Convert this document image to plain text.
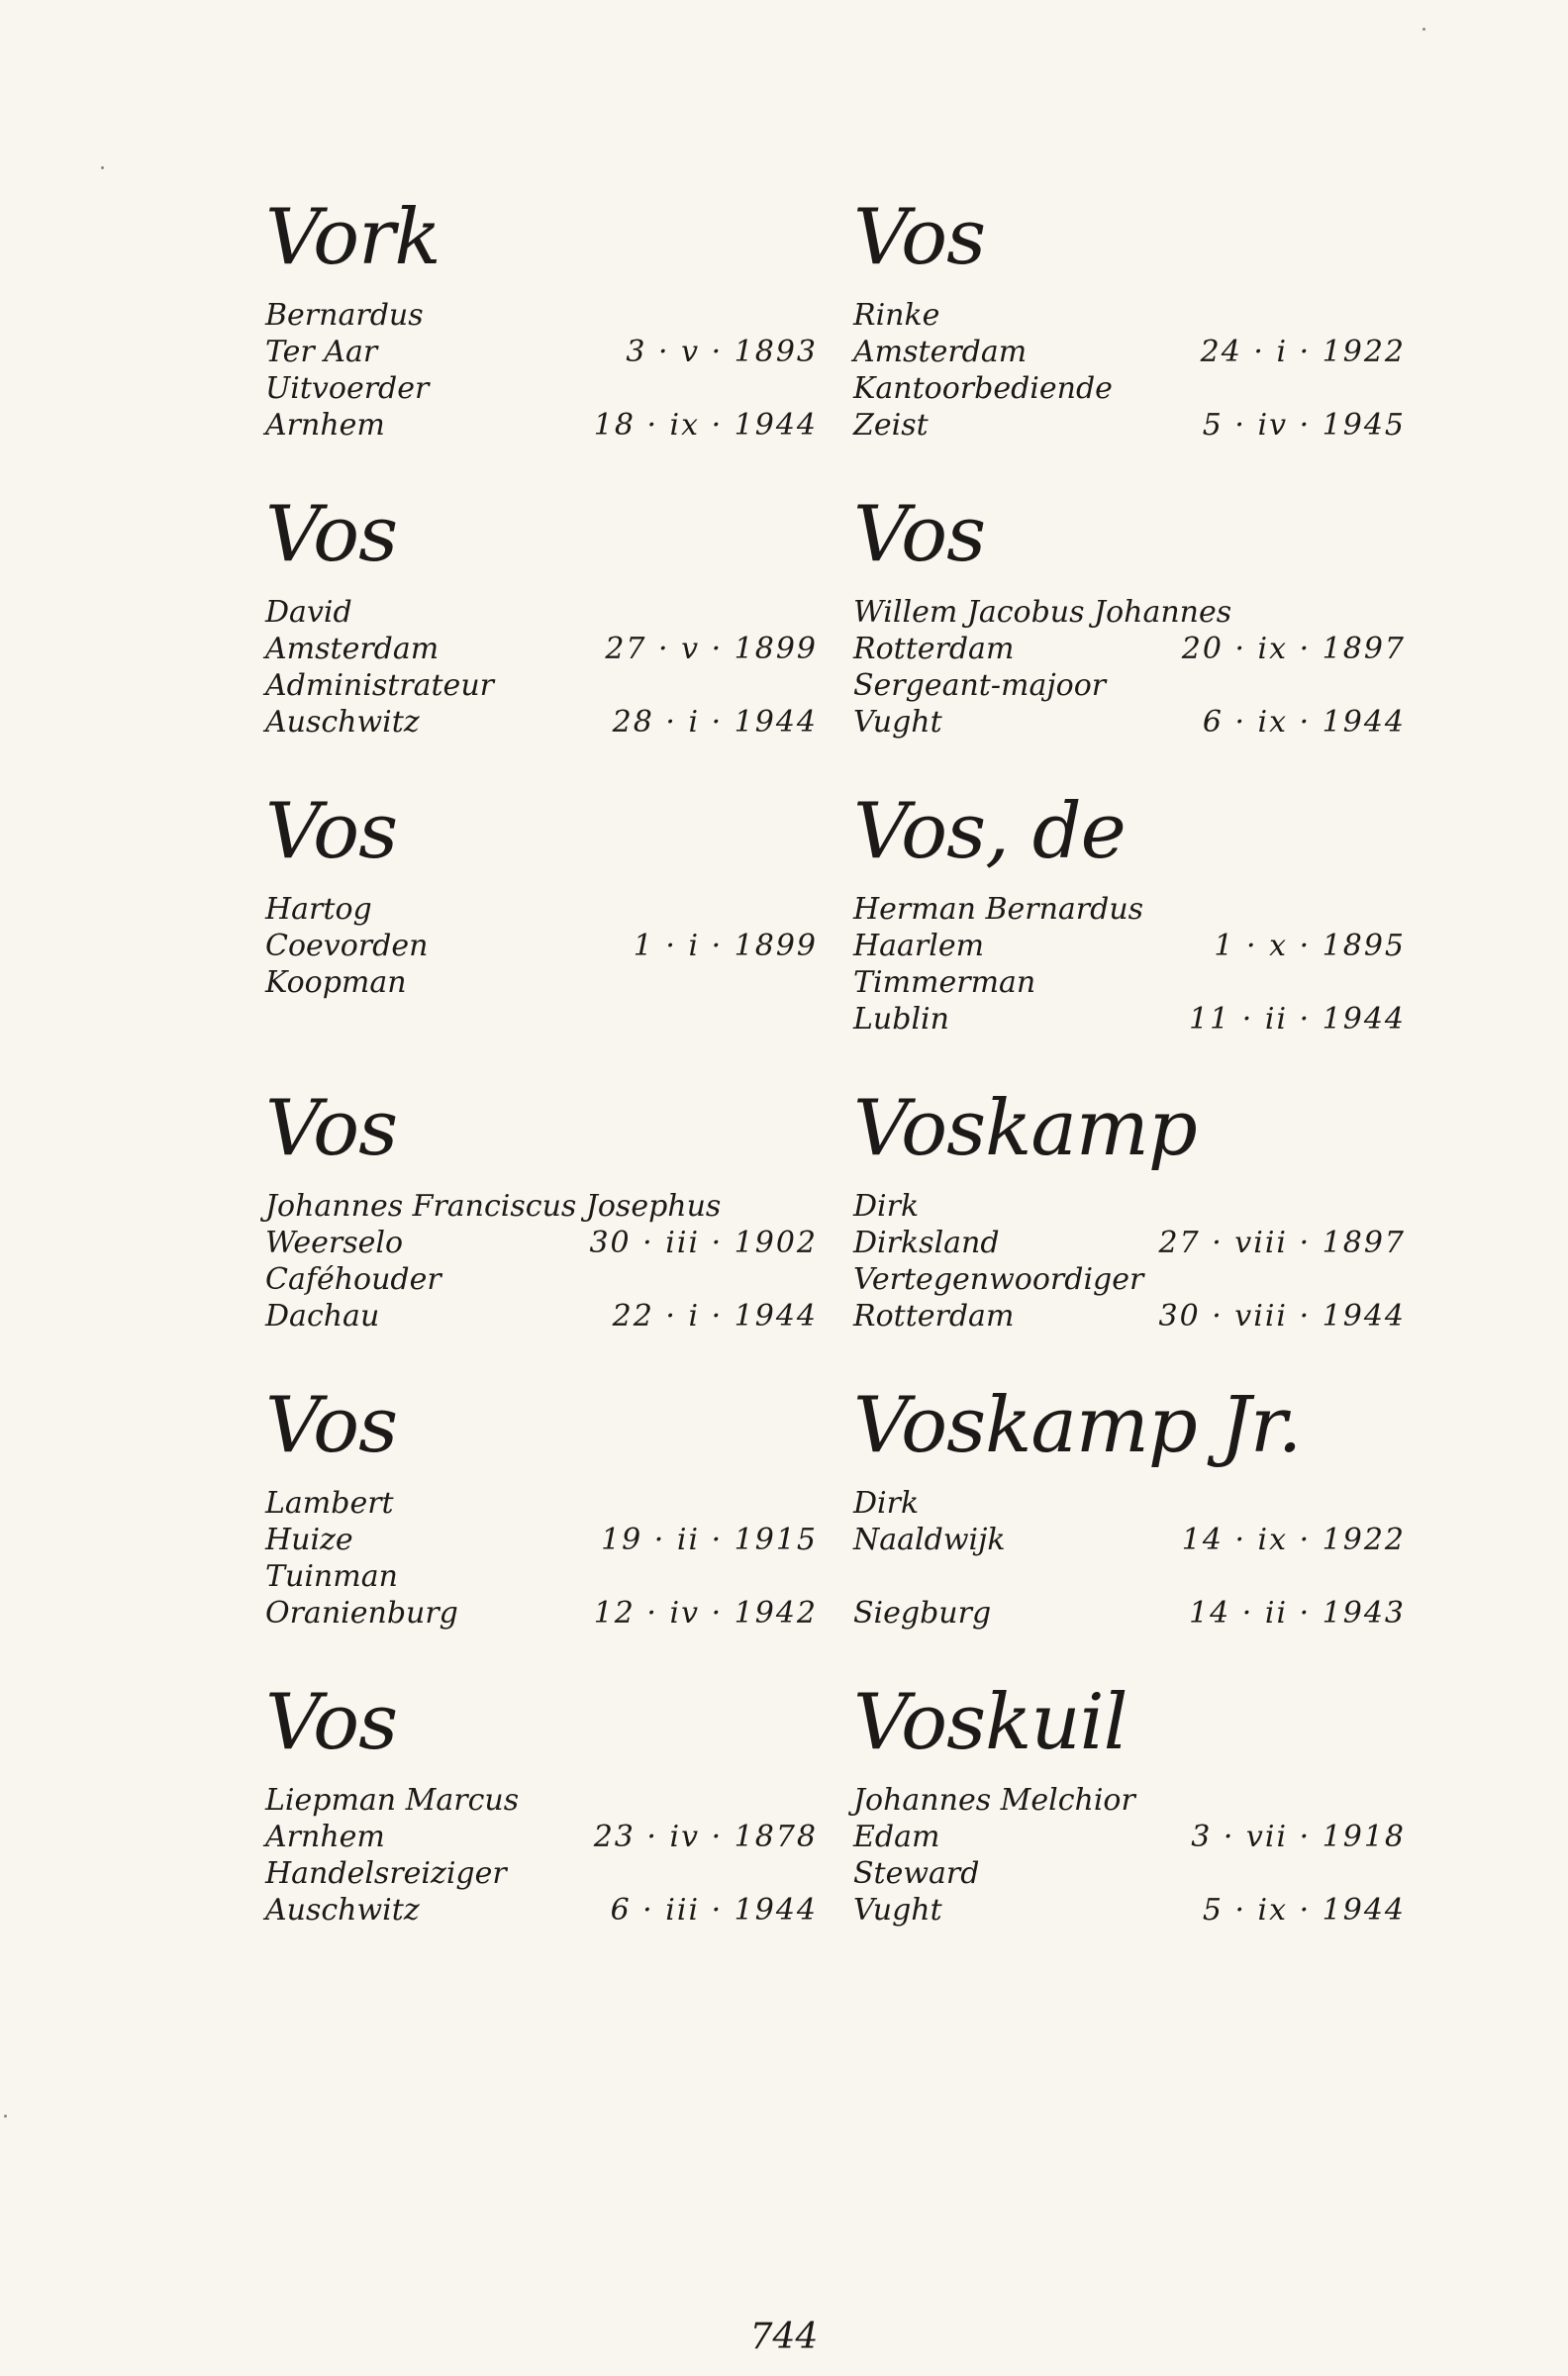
Vork
Bernardus
Ter Aar	3 · v · 1893
Uitvoerder
Arnhem	18 · ix · 1944
Vos
David
Amsterdam	27 · v · 1899
Administrateur
Auschwitz	28 · i · 1944
Vos
Hartog
Coevorden	1 · i · 1899
Koopman
Vos
Johannes Franciscus Josephus
Weerselo	30 · iii · 1902
Caféhouder
Dachau	22 · i · 1944
Vos
Lambert
Huize	19 · ii · 1915
Tuinman
Oranienburg	12 · iv · 1942
Vos
Liepman Marcus
Arnhem	23 · iv · 1878
Handelsreiziger
Auschwitz	6 · iii · 1944
Vos
Rinke
Amsterdam	24 · i · 1922
Kantoorbediende
Zeist	5 · iv · 1945
Vos
Willem Jacobus Johannes
Rotterdam	20 · ix · 1897
Sergeant-majoor
Vught	6 · ix · 1944
Vos, de
Herman Bernardus
Haarlem	1 · x · 1895
Timmerman
Lublin	11 · ii · 1944
Voskamp
Dirk
Dirksland	27 · viii · 1897
Vertegenwoordiger
Rotterdam	30 · viii · 1944
Voskamp Jr.
Dirk
Naaldwijk	14 · ix · 1922
Siegburg	14 · ii · 1943
Voskuil
Johannes Melchior
Edam	3 · vii · 1918
Steward
Vught	5 · ix · 1944
744
